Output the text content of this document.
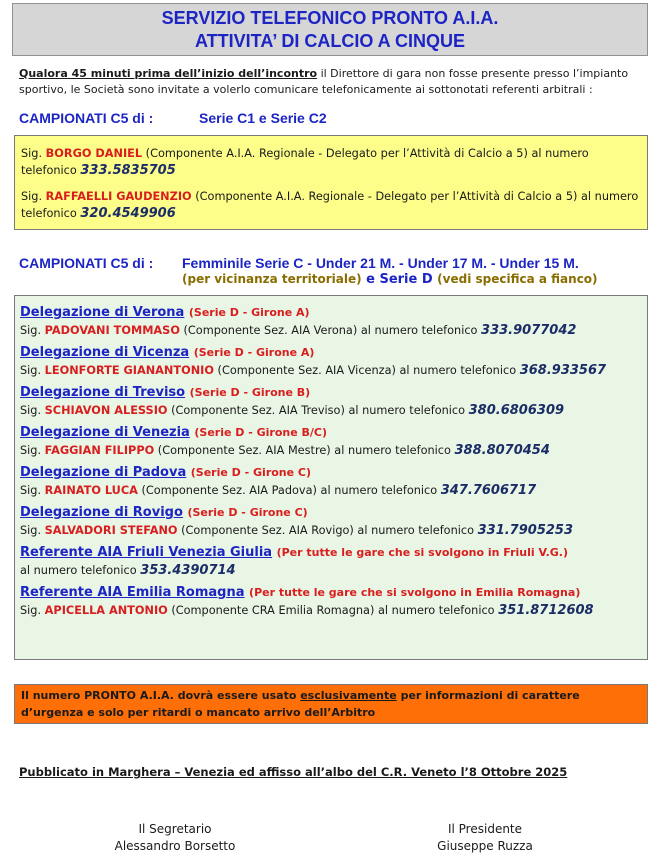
SERVIZIO TELEFONICO PRONTO A.I.A.
ATTIVITA’ DI CALCIO A CINQUE
Qualora 45 minuti prima dell’inizio dell’incontro il Direttore di gara non fosse presente presso l’impianto sportivo, le Società sono invitate a volerlo comunicare telefonicamente ai sottonotati referenti arbitrali :
CAMPIONATI C5 di :	Serie C1 e Serie C2

Sig. BORGO DANIEL (Componente A.I.A. Regionale - Delegato per l’Attività di Calcio a 5) al numero telefonico 333.5835705

Sig. RAFFAELLI GAUDENZIO (Componente A.I.A. Regionale - Delegato per l’Attività di Calcio a 5) al numero telefonico 320.4549906

CAMPIONATI C5 di : Femminile Serie C - Under 21 M. - Under 17 M. - Under 15 M.
(per vicinanza territoriale) e Serie D (vedi specifica a fianco)
Delegazione di Verona (Serie D - Girone A)
Sig. PADOVANI TOMMASO (Componente Sez. AIA Verona) al numero telefonico 333.9077042
Delegazione di Vicenza (Serie D - Girone A)
Sig. LEONFORTE GIANANTONIO (Componente Sez. AIA Vicenza) al numero telefonico 368.933567
Delegazione di Treviso (Serie D - Girone B)
Sig. SCHIAVON ALESSIO (Componente Sez. AIA Treviso) al numero telefonico 380.6806309
Delegazione di Venezia (Serie D - Girone B/C)
Sig. FAGGIAN FILIPPO (Componente Sez. AIA Mestre) al numero telefonico 388.8070454
Delegazione di Padova (Serie D - Girone C)
Sig. RAINATO LUCA (Componente Sez. AIA Padova) al numero telefonico 347.7606717
Delegazione di Rovigo (Serie D - Girone C)
Sig. SALVADORI STEFANO (Componente Sez. AIA Rovigo) al numero telefonico 331.7905253
Referente AIA Friuli Venezia Giulia (Per tutte le gare che si svolgono in Friuli V.G.)
al numero telefonico 353.4390714
Referente AIA Emilia Romagna (Per tutte le gare che si svolgono in Emilia Romagna)
Sig. APICELLA ANTONIO (Componente CRA Emilia Romagna) al numero telefonico 351.8712608
Il numero PRONTO A.I.A. dovrà essere usato esclusivamente per informazioni di carattere d’urgenza e solo per ritardi o mancato arrivo dell’Arbitro
Pubblicato in Marghera – Venezia ed affisso all’albo del C.R. Veneto l’8 Ottobre 2025
Il Segretario
Alessandro Borsetto
Il Presidente
Giuseppe Ruzza
